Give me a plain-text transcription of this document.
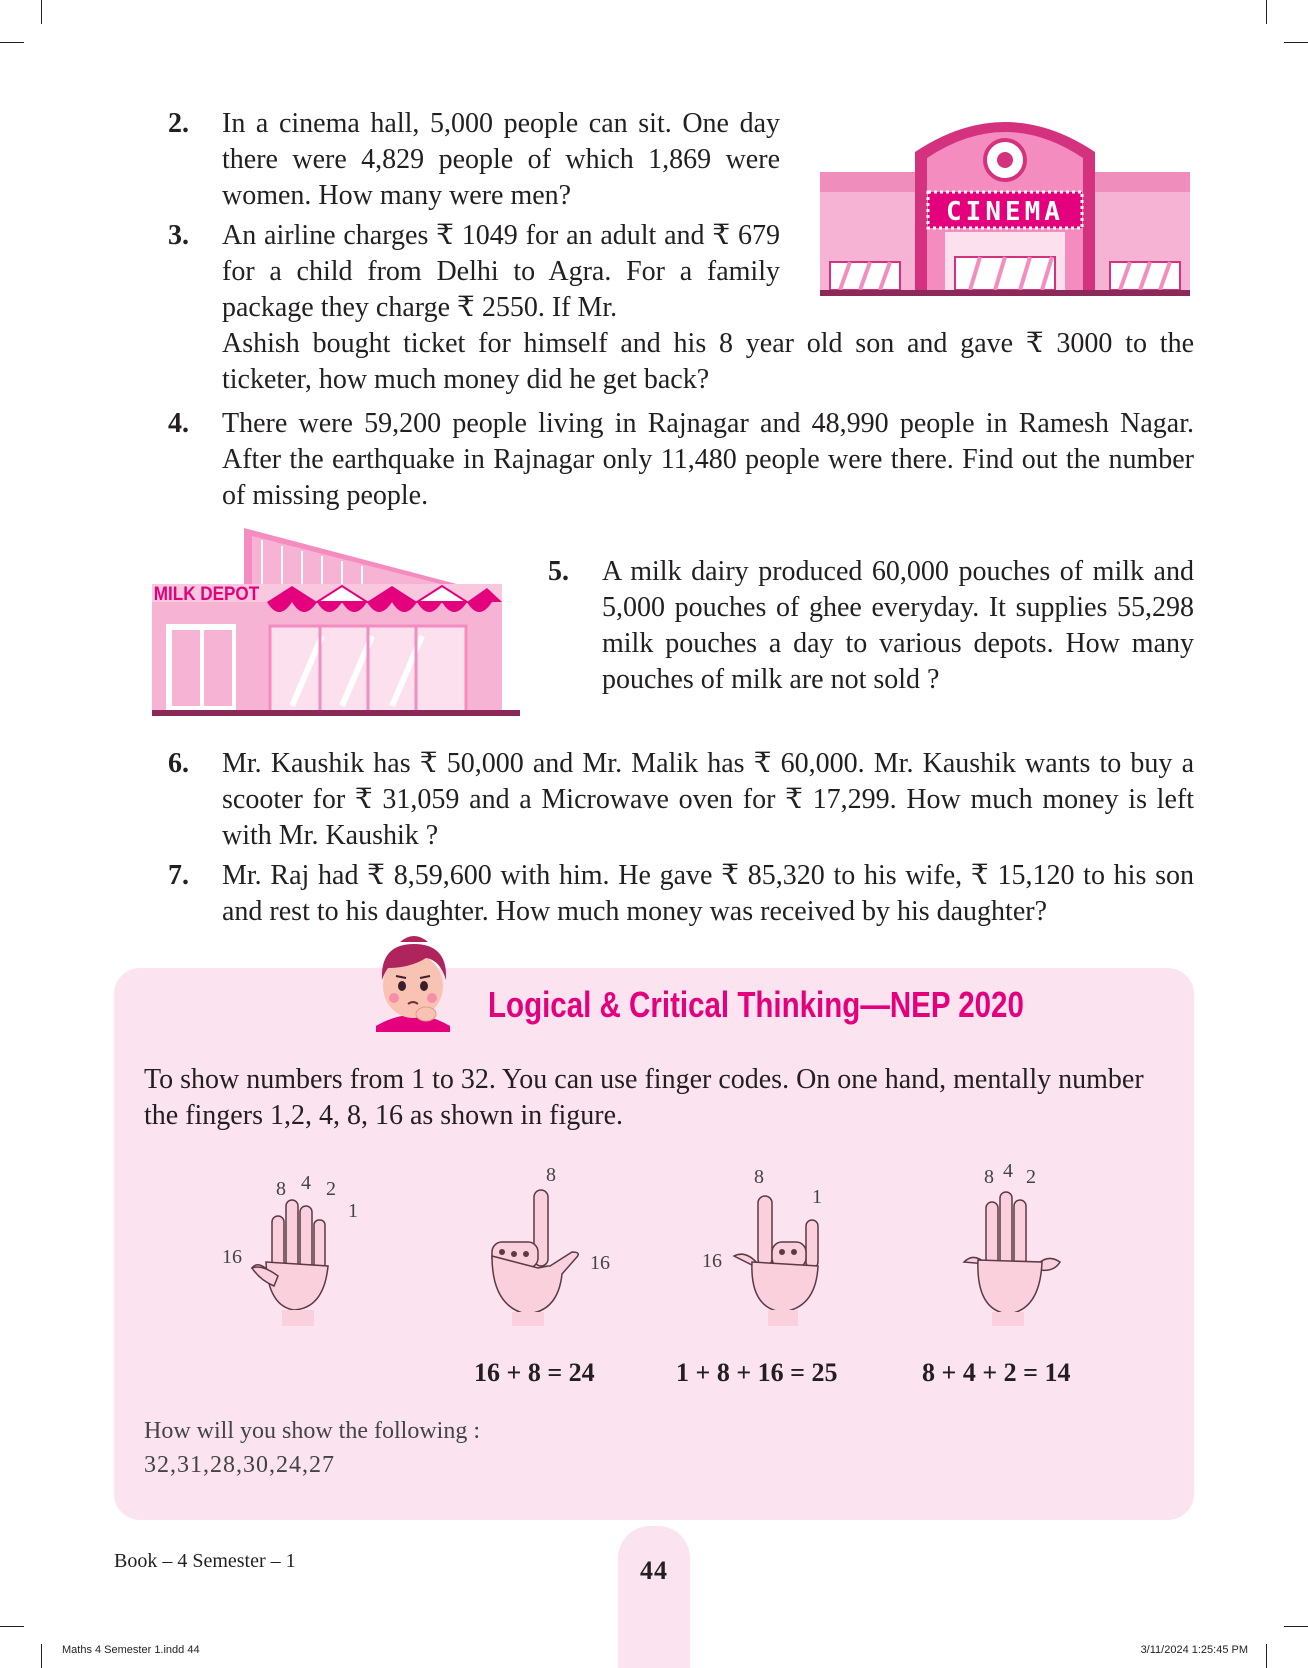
2. In a cinema hall, 5,000 people can sit. One day there were 4,829 people of which 1,869 were women. How many were men?
CINEMA
3. An airline charges ₹ 1049 for an adult and ₹ 679 for a child from Delhi to Agra. For a family package they charge ₹ 2550. If Mr.
Ashish bought ticket for himself and his 8 year old son and gave ₹ 3000 to the ticketer, how much money did he get back?
4. There were 59,200 people living in Rajnagar and 48,990 people in Ramesh Nagar. After the earthquake in Rajnagar only 11,480 people were there. Find out the number of missing people.
MILK DEPOT
5. A milk dairy produced 60,000 pouches of milk and 5,000 pouches of ghee everyday. It supplies 55,298 milk pouches a day to various depots. How many pouches of milk are not sold ?
6. Mr. Kaushik has ₹ 50,000 and Mr. Malik has ₹ 60,000. Mr. Kaushik wants to buy a scooter for ₹ 31,059 and a Microwave oven for ₹ 17,299. How much money is left with Mr. Kaushik ?
7. Mr. Raj had ₹ 8,59,600 with him. He gave ₹ 85,320 to his wife, ₹ 15,120 to his son and rest to his daughter. How much money was received by his daughter?
Logical & Critical Thinking—NEP 2020
To show numbers from 1 to 32. You can use finger codes. On one hand, mentally number the fingers 1,2, 4, 8, 16 as shown in figure.
8 4 2
1
16
8
16
8
1
16
8 4 2
16 + 8 = 24	1 + 8 + 16 = 25	8 + 4 + 2 = 14
How will you show the following :
32,31,28,30,24,27
Book – 4 Semester – 1	44
Maths 4 Semester 1.indd 44	3/11/2024 1:25:45 PM
